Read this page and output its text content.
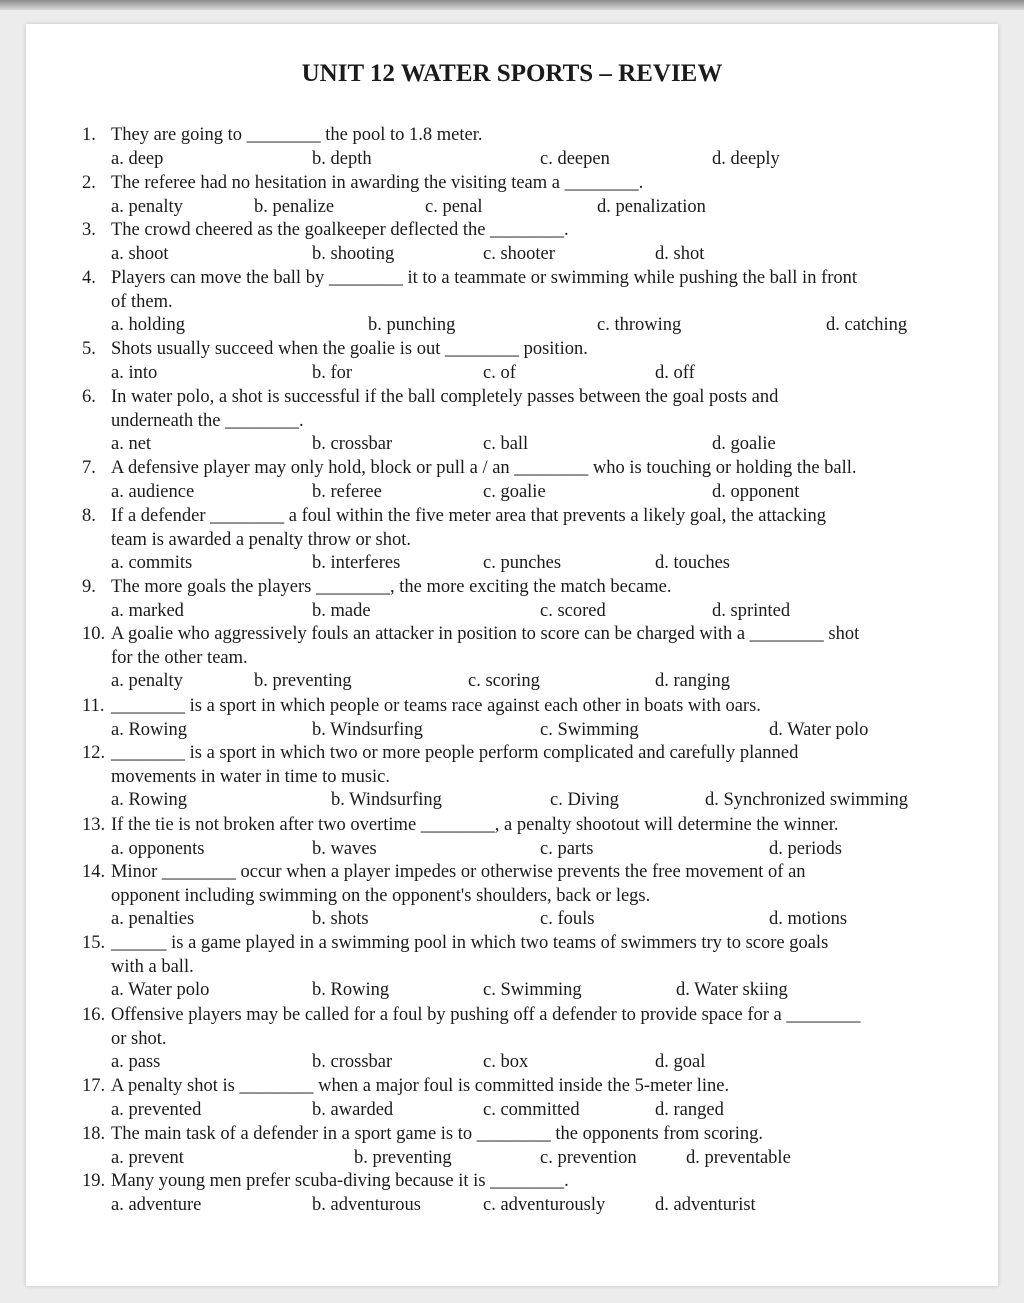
UNIT 12 WATER SPORTS – REVIEW
1. They are going to ________ the pool to 1.8 meter.
a. deep	b. depth	c. deepen	d. deeply
2. The referee had no hesitation in awarding the visiting team a ________.
a. penalty	b. penalize	c. penal	d. penalization
3. The crowd cheered as the goalkeeper deflected the ________.
a. shoot	b. shooting	c. shooter	d. shot
4. Players can move the ball by ________ it to a teammate or swimming while pushing the ball in front
of them.
a. holding	b. punching	c. throwing	d. catching
5. Shots usually succeed when the goalie is out ________ position.
a. into	b. for	c. of	d. off
6. In water polo, a shot is successful if the ball completely passes between the goal posts and
underneath the ________.
a. net	b. crossbar	c. ball	d. goalie
7. A defensive player may only hold, block or pull a / an ________ who is touching or holding the ball.
a. audience	b. referee	c. goalie	d. opponent
8. If a defender ________ a foul within the five meter area that prevents a likely goal, the attacking
team is awarded a penalty throw or shot.
a. commits	b. interferes	c. punches	d. touches
9. The more goals the players ________, the more exciting the match became.
a. marked	b. made	c. scored	d. sprinted
10. A goalie who aggressively fouls an attacker in position to score can be charged with a ________ shot
for the other team.
a. penalty	b. preventing	c. scoring	d. ranging
11. ________ is a sport in which people or teams race against each other in boats with oars.
a. Rowing	b. Windsurfing	c. Swimming	d. Water polo
12. ________ is a sport in which two or more people perform complicated and carefully planned
movements in water in time to music.
a. Rowing	b. Windsurfing	c. Diving	d. Synchronized swimming
13. If the tie is not broken after two overtime ________, a penalty shootout will determine the winner.
a. opponents	b. waves	c. parts	d. periods
14. Minor ________ occur when a player impedes or otherwise prevents the free movement of an
opponent including swimming on the opponent's shoulders, back or legs.
a. penalties	b. shots	c. fouls	d. motions
15. ______ is a game played in a swimming pool in which two teams of swimmers try to score goals
with a ball.
a. Water polo	b. Rowing	c. Swimming	d. Water skiing
16. Offensive players may be called for a foul by pushing off a defender to provide space for a ________
or shot.
a. pass	b. crossbar	c. box	d. goal
17. A penalty shot is ________ when a major foul is committed inside the 5-meter line.
a. prevented	b. awarded	c. committed	d. ranged
18. The main task of a defender in a sport game is to ________ the opponents from scoring.
a. prevent	b. preventing	c. prevention	d. preventable
19. Many young men prefer scuba-diving because it is ________.
a. adventure	b. adventurous	c. adventurously	d. adventurist
